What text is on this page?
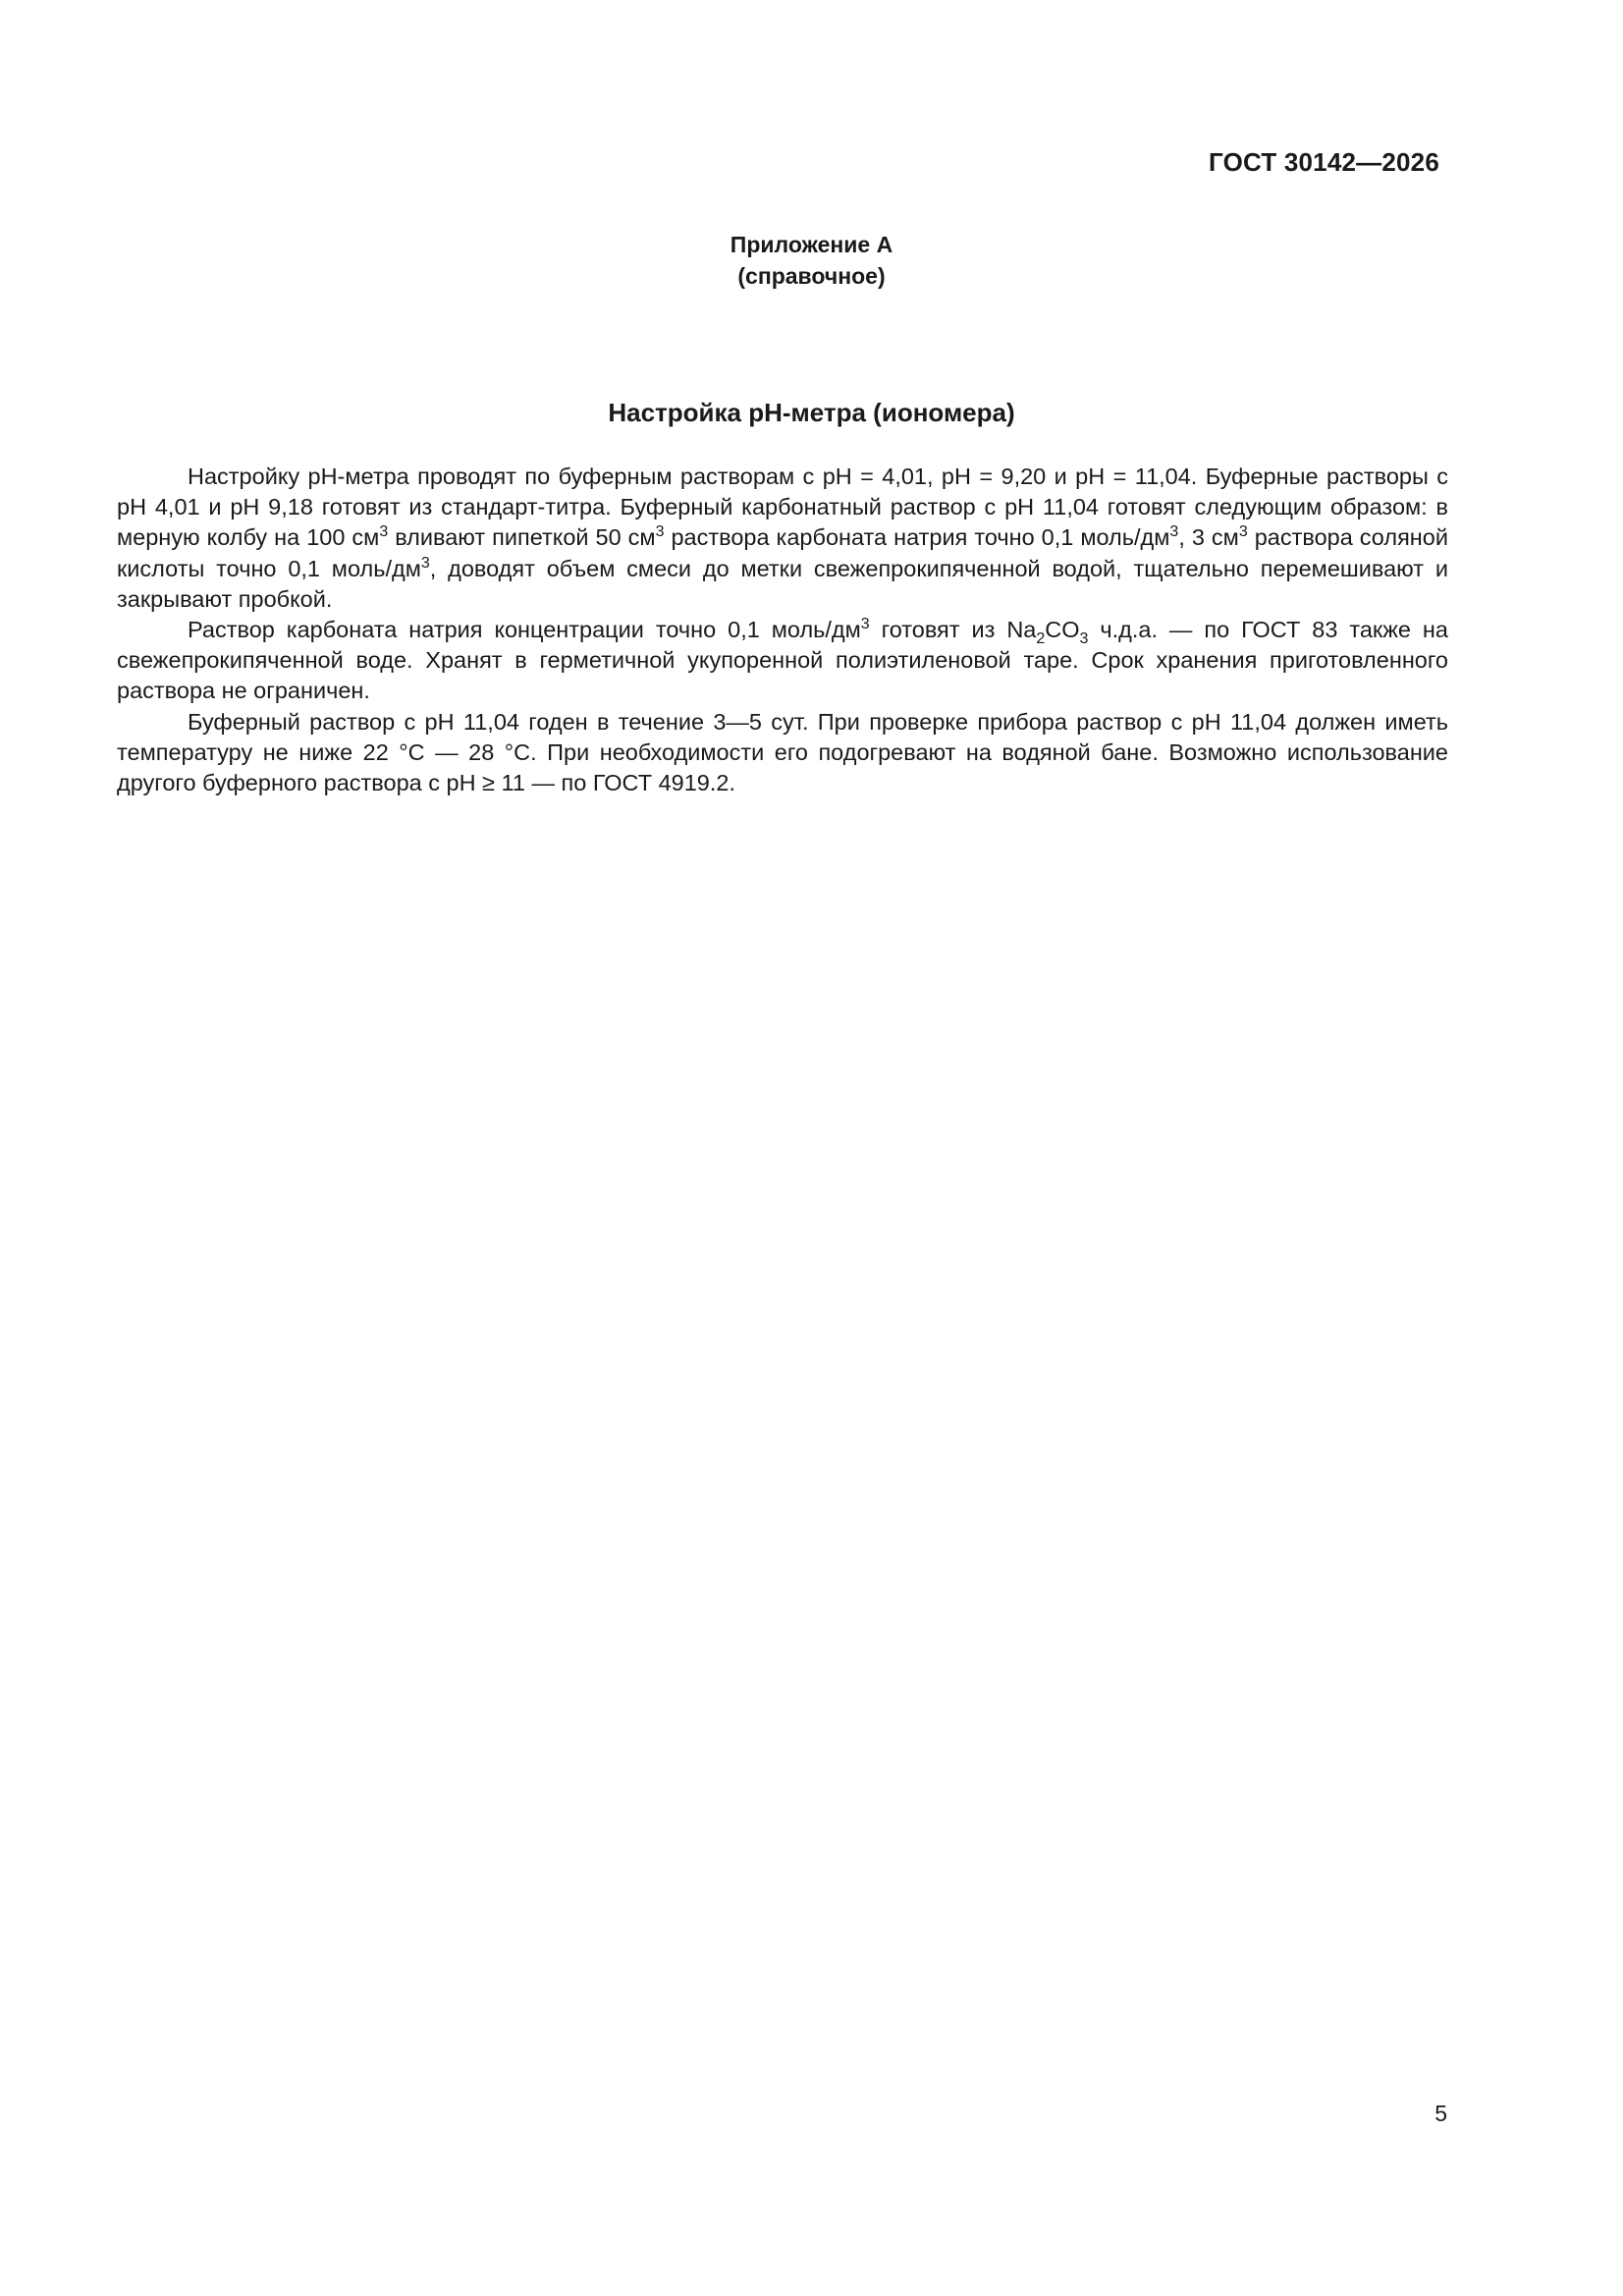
ГОСТ 30142—2026
Приложение А
(справочное)
Настройка pH-метра (иономера)

Настройку pH-метра проводят по буферным растворам с pH = 4,01, pH = 9,20 и pH = 11,04. Буферные растворы с pH 4,01 и pH 9,18 готовят из стандарт-титра. Буферный карбонатный раствор с pH 11,04 готовят следующим образом: в мерную колбу на 100 $см^3$ вливают пипеткой 50 $см^3$ раствора карбоната натрия точно 0,1 моль/$дм^3$, 3 $см^3$ раствора соляной кислоты точно 0,1 моль/$дм^3$, доводят объем смеси до метки свежепрокипяченной водой, тщательно перемешивают и закрывают пробкой.

Раствор карбоната натрия концентрации точно 0,1 моль/$дм^3$ готовят из $Na_2CO_3$ ч.д.а. — по ГОСТ 83 также на свежепрокипяченной воде. Хранят в герметичной укупоренной полиэтиленовой таре. Срок хранения приготовленного раствора не ограничен.

Буферный раствор с pH 11,04 годен в течение 3—5 сут. При проверке прибора раствор с pH 11,04 должен иметь температуру не ниже 22 °C — 28 °C. При необходимости его подогревают на водяной бане. Возможно использование другого буферного раствора с pH ≥ 11 — по ГОСТ 4919.2.

5
